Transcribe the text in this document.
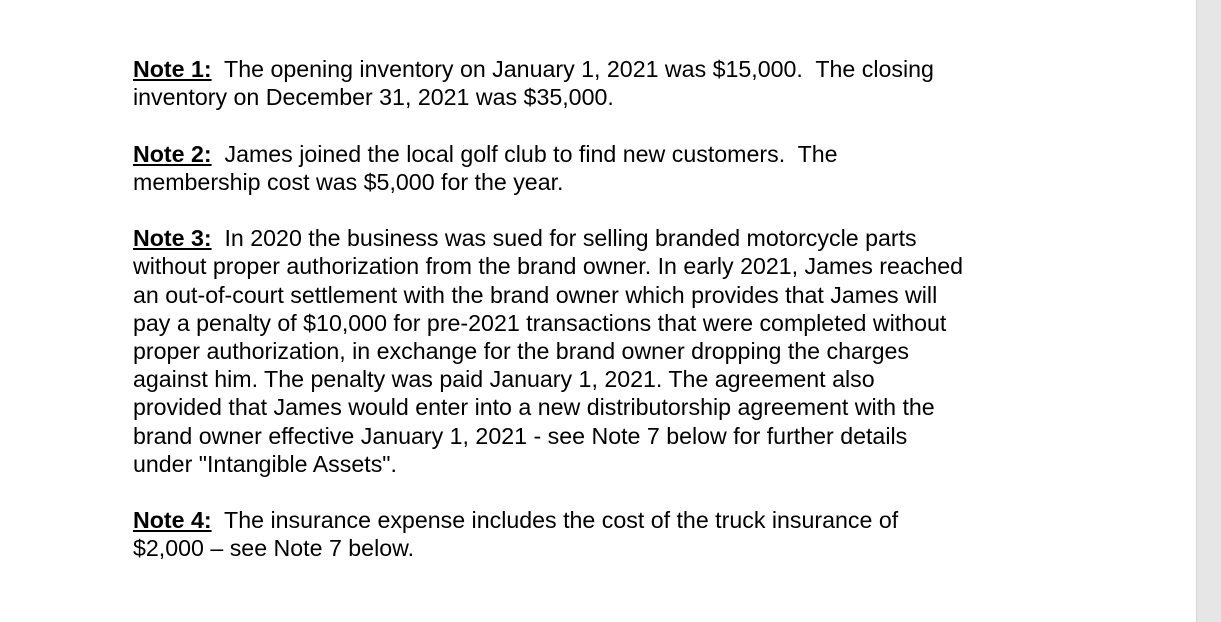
Note 1:  The opening inventory on January 1, 2021 was $15,000.  The closing
inventory on December 31, 2021 was $35,000.
Note 2:  James joined the local golf club to find new customers.  The
membership cost was $5,000 for the year.
Note 3:  In 2020 the business was sued for selling branded motorcycle parts
without proper authorization from the brand owner. In early 2021, James reached
an out-of-court settlement with the brand owner which provides that James will
pay a penalty of $10,000 for pre-2021 transactions that were completed without
proper authorization, in exchange for the brand owner dropping the charges
against him. The penalty was paid January 1, 2021. The agreement also
provided that James would enter into a new distributorship agreement with the
brand owner effective January 1, 2021 - see Note 7 below for further details
under "Intangible Assets".
Note 4:  The insurance expense includes the cost of the truck insurance of
$2,000 – see Note 7 below.
